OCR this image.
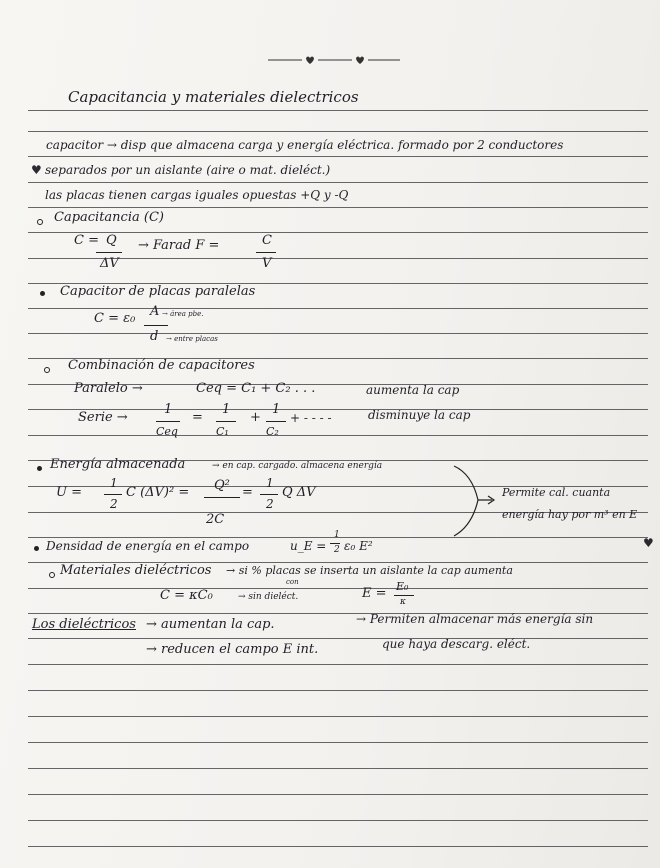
Capacitancia y materiales dielectricos
capacitor → disp que almacena carga y energía eléctrica. formado por 2 conductores
♥ separados por un aislante (aire o mat. dieléct.)
las placas tienen cargas iguales opuestas +Q y -Q
Capacitancia (C)
C = Q
ΔV
→ Farad F =	C
V
Capacitor de placas paralelas
C = ε₀ A → área pbe.
d → entre placas
Combinación de capacitores
Paralelo →	Ceq = C₁ + C₂ . . .	aumenta la cap
Serie →
1
Ceq
=
1
C₁
+
1
C₂
+ - - - -	disminuye la cap
Energía almacenada	→ en cap. cargado. almacena energía
U =
1
2
C (ΔV)² = Q²
2C
=
1
2
Q ΔV	Permite cal. cuanta
energía hay por m³ en E
Densidad de energía en el campo	u_E =
1
2 ε₀ E²	♥
Materiales dieléctricos → si % placas se inserta un aislante la cap aumenta
con
C = κC₀	→ sin dieléct.	E = E₀
κ
Los dieléctricos → aumentan la cap.	→ Permiten almacenar más energía sin
→ reducen el campo E int.	que haya descarg. eléct.
